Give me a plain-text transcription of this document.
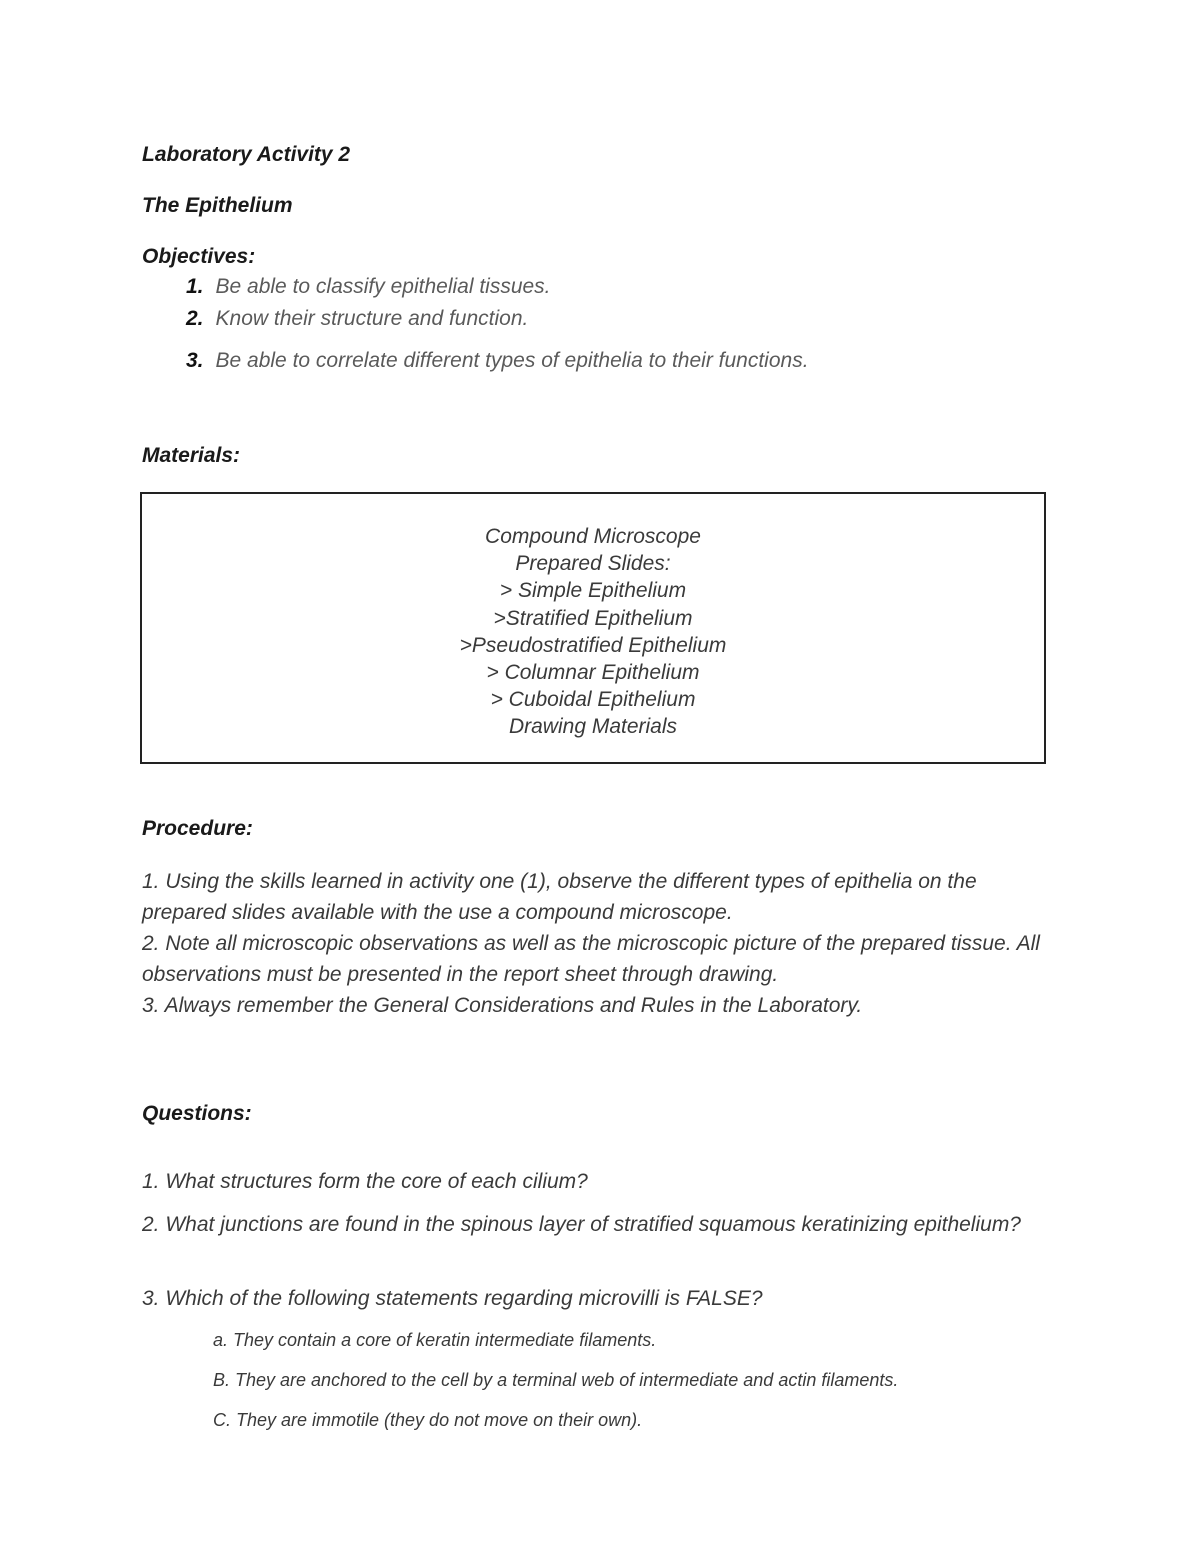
Laboratory Activity 2
The Epithelium
Objectives:
1. Be able to classify epithelial tissues.
2. Know their structure and function.
3. Be able to correlate different types of epithelia to their functions.
Materials:
Compound Microscope
Prepared Slides:
> Simple Epithelium
>Stratified Epithelium
>Pseudostratified Epithelium
> Columnar Epithelium
> Cuboidal Epithelium
Drawing Materials
Procedure:
1. Using the skills learned in activity one (1), observe the different types of epithelia on the prepared slides available with the use a compound microscope.
2. Note all microscopic observations as well as the microscopic picture of the prepared tissue. All observations must be presented in the report sheet through drawing.
3. Always remember the General Considerations and Rules in the Laboratory.
Questions:
1. What structures form the core of each cilium?
2. What junctions are found in the spinous layer of stratified squamous keratinizing epithelium?
3. Which of the following statements regarding microvilli is FALSE?
a. They contain a core of keratin intermediate filaments.
B. They are anchored to the cell by a terminal web of intermediate and actin filaments.
C. They are immotile (they do not move on their own).
